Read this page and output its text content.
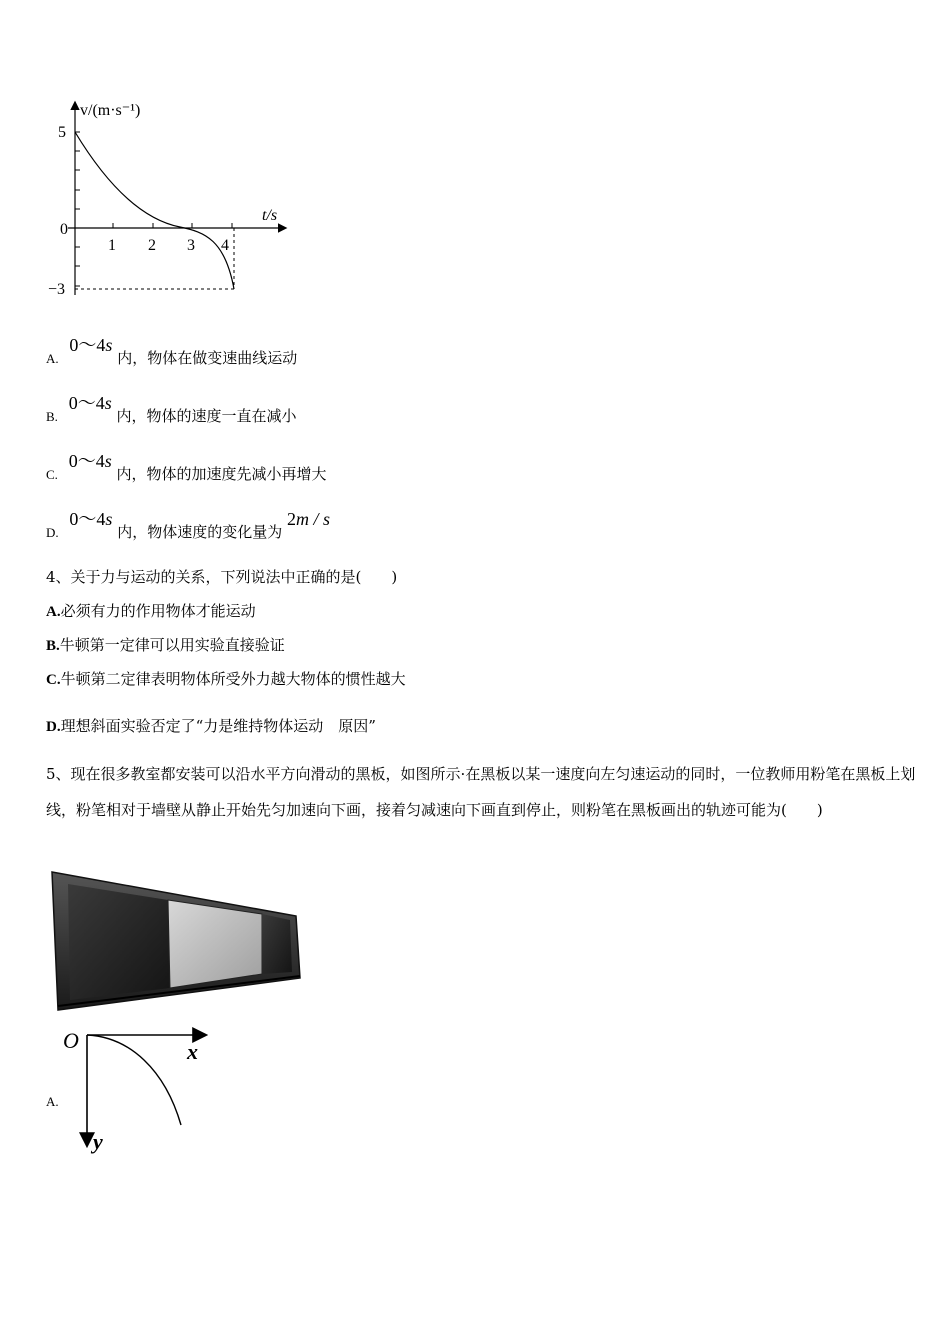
v/(m·s⁻¹)
t/s
5
0
−3
1 2 3 4
A. 0～4s 内，物体在做变速曲线运动
B. 0～4s 内，物体的速度一直在减小
C. 0～4s 内，物体的加速度先减小再增大
D. 0～4s 内，物体速度的变化量为 2m / s
4、关于力与运动的关系，下列说法中正确的是(　　)
A.必须有力的作用物体才能运动
B.牛顿第一定律可以用实验直接验证
C.牛顿第二定律表明物体所受外力越大物体的惯性越大
D.理想斜面实验否定了“力是维持物体运动　原因”
5、现在很多教室都安装可以沿水平方向滑动的黑板，如图所示·在黑板以某一速度向左匀速运动的同时，一位教师用粉笔在黑板上划线，粉笔相对于墙壁从静止开始先匀加速向下画，接着匀减速向下画直到停止，则粉笔在黑板画出的轨迹可能为(　　)
A.
O	x
y
